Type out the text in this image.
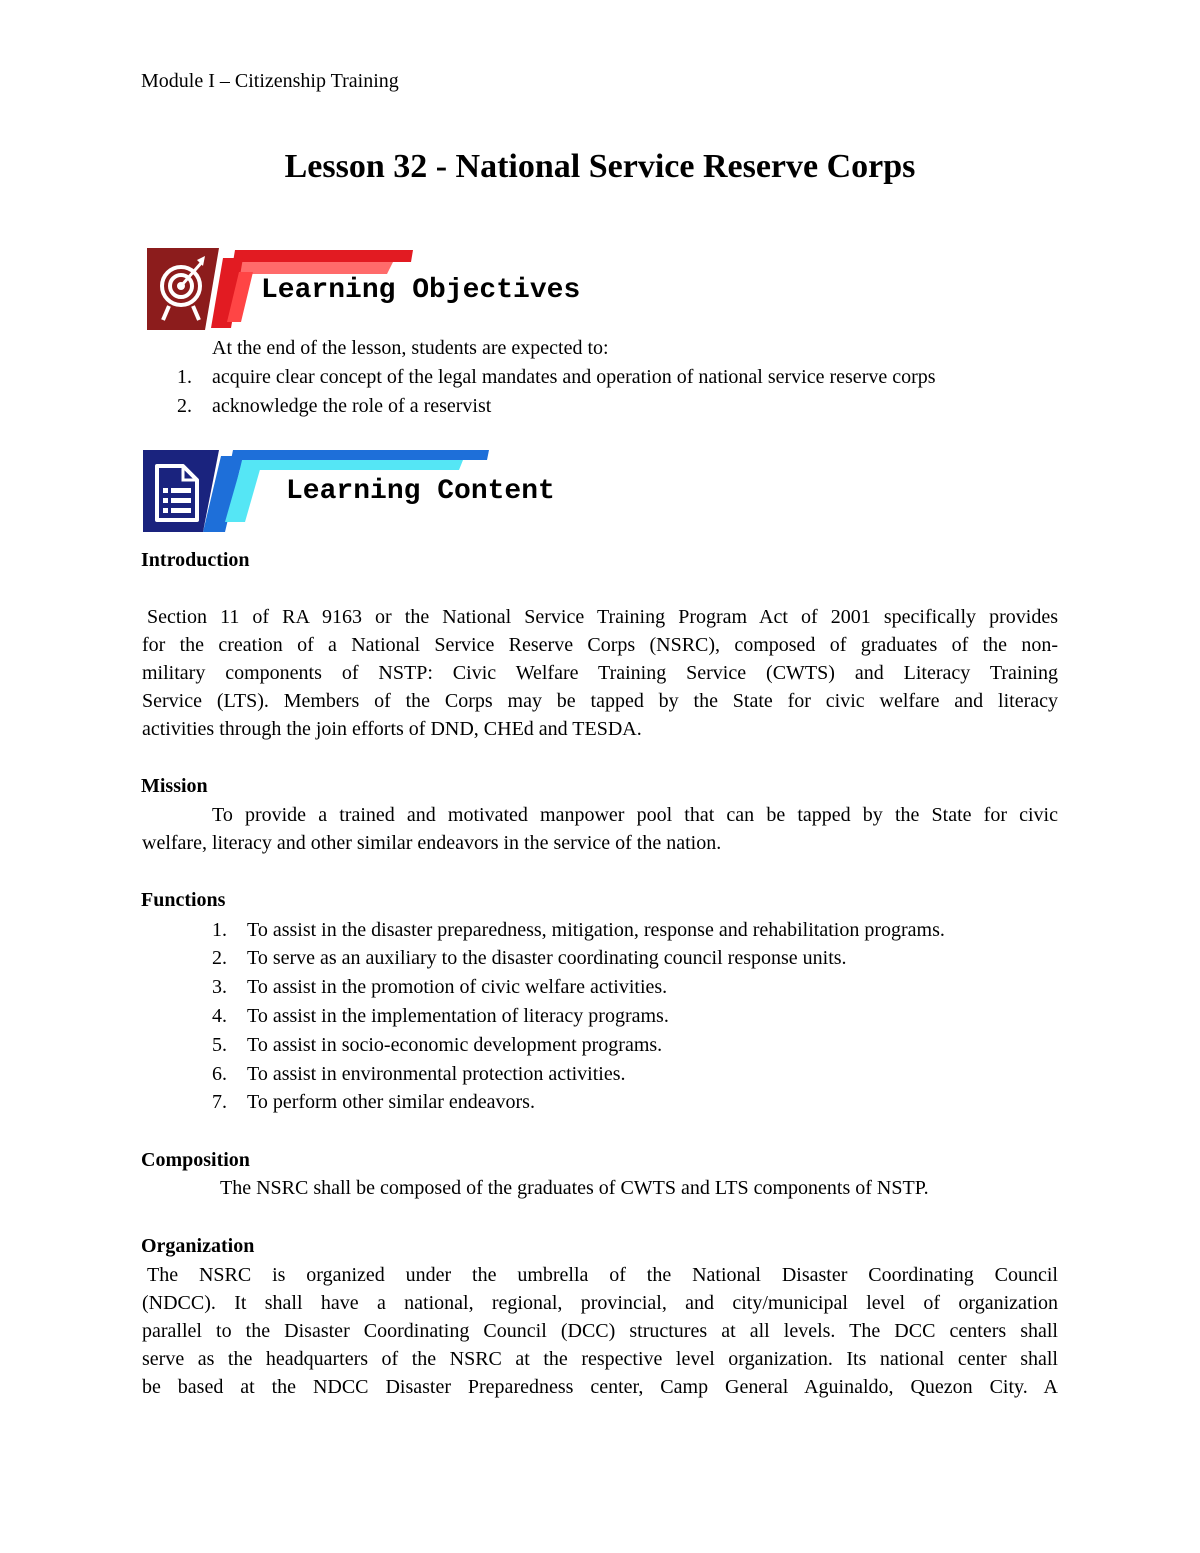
Module I – Citizenship Training
Lesson 32 - National Service Reserve Corps
Learning Objectives
At the end of the lesson, students are expected to:
1. acquire clear concept of the legal mandates and operation of national service reserve corps
2. acknowledge the role of a reservist
Learning Content
Introduction
Section 11 of RA 9163 or the National Service Training Program Act of 2001 specifically provides
for the creation of a National Service Reserve Corps (NSRC), composed of graduates of the non-
military components of NSTP: Civic Welfare Training Service (CWTS) and Literacy Training
Service (LTS). Members of the Corps may be tapped by the State for civic welfare and literacy
activities through the join efforts of DND, CHEd and TESDA.
Mission
To provide a trained and motivated manpower pool that can be tapped by the State for civic
welfare, literacy and other similar endeavors in the service of the nation.
Functions
1. To assist in the disaster preparedness, mitigation, response and rehabilitation programs.
2. To serve as an auxiliary to the disaster coordinating council response units.
3. To assist in the promotion of civic welfare activities.
4. To assist in the implementation of literacy programs.
5. To assist in socio-economic development programs.
6. To assist in environmental protection activities.
7. To perform other similar endeavors.
Composition
The NSRC shall be composed of the graduates of CWTS and LTS components of NSTP.
Organization
The NSRC is organized under the umbrella of the National Disaster Coordinating Council
(NDCC). It shall have a national, regional, provincial, and city/municipal level of organization
parallel to the Disaster Coordinating Council (DCC) structures at all levels. The DCC centers shall
serve as the headquarters of the NSRC at the respective level organization. Its national center shall
be based at the NDCC Disaster Preparedness center, Camp General Aguinaldo, Quezon City. A
